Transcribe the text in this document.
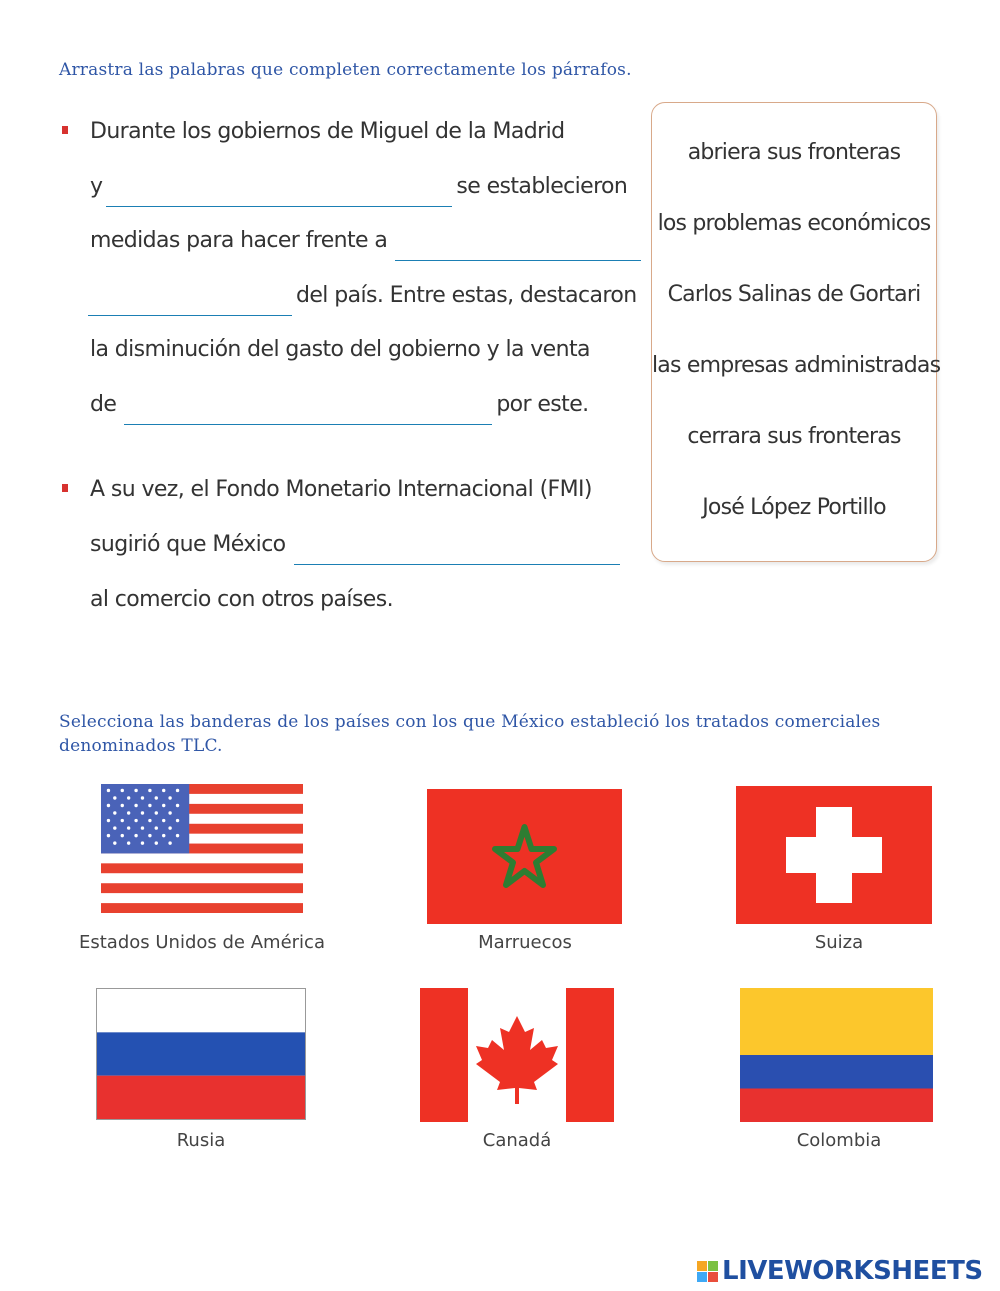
Arrastra las palabras que completen correctamente los párrafos.
Durante los gobiernos de Miguel de la Madrid
y	se establecieron
medidas para hacer frente a
del país. Entre estas, destacaron
la disminución del gasto del gobierno y la venta
de	por este.
A su vez, el Fondo Monetario Internacional (FMI)
sugirió que México
al comercio con otros países.
abriera sus fronteras
los problemas económicos
Carlos Salinas de Gortari
las empresas administradas
cerrara sus fronteras
José López Portillo
Selecciona las banderas de los países con los que México estableció los tratados comerciales denominados TLC.
Estados Unidos de América	Marruecos	Suiza
Rusia	Canadá	Colombia
LIVEWORKSHEETS
